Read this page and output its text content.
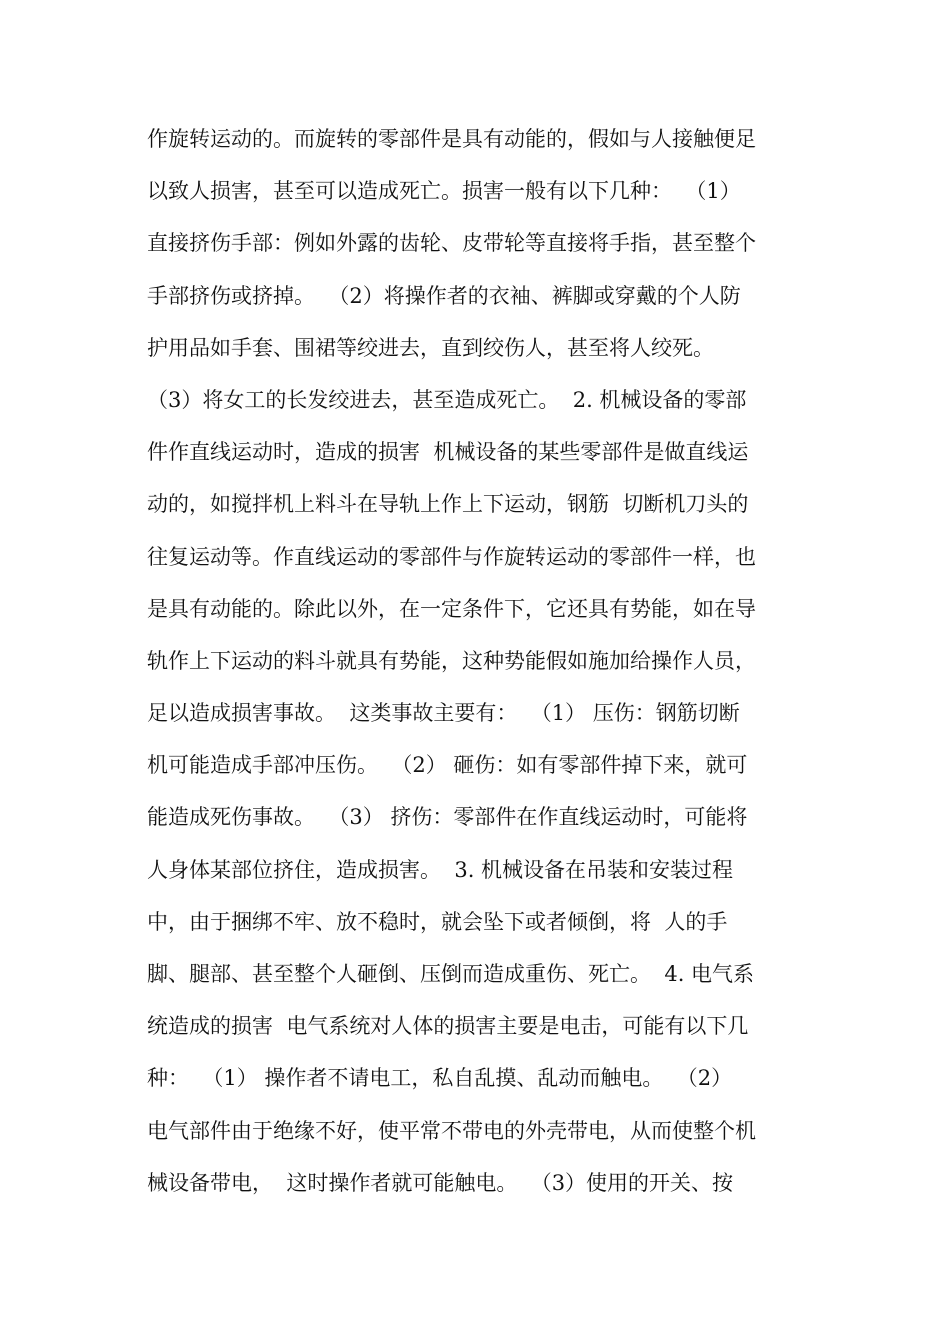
作旋转运动的。而旋转的零部件是具有动能的，假如与人接触便足
以致人损害，甚至可以造成死亡。损害一般有以下几种：  （1）
直接挤伤手部：例如外露的齿轮、皮带轮等直接将手指，甚至整个
手部挤伤或挤掉。  （2）将操作者的衣袖、裤脚或穿戴的个人防
护用品如手套、围裙等绞进去，直到绞伤人，甚至将人绞死。
（3）将女工的长发绞进去，甚至造成死亡。  2. 机械设备的零部
件作直线运动时，造成的损害  机械设备的某些零部件是做直线运
动的，如搅拌机上料斗在导轨上作上下运动，钢筋  切断机刀头的
往复运动等。作直线运动的零部件与作旋转运动的零部件一样，也
是具有动能的。除此以外，在一定条件下，它还具有势能，如在导
轨作上下运动的料斗就具有势能，这种势能假如施加给操作人员，
足以造成损害事故。  这类事故主要有：  （1） 压伤：钢筋切断
机可能造成手部冲压伤。  （2） 砸伤：如有零部件掉下来，就可
能造成死伤事故。  （3） 挤伤：零部件在作直线运动时，可能将
人身体某部位挤住，造成损害。  3. 机械设备在吊装和安装过程
中，由于捆绑不牢、放不稳时，就会坠下或者倾倒，将  人的手
脚、腿部、甚至整个人砸倒、压倒而造成重伤、死亡。  4. 电气系
统造成的损害  电气系统对人体的损害主要是电击，可能有以下几
种：  （1） 操作者不请电工，私自乱摸、乱动而触电。  （2）
电气部件由于绝缘不好，使平常不带电的外壳带电，从而使整个机
械设备带电，  这时操作者就可能触电。  （3）使用的开关、按
